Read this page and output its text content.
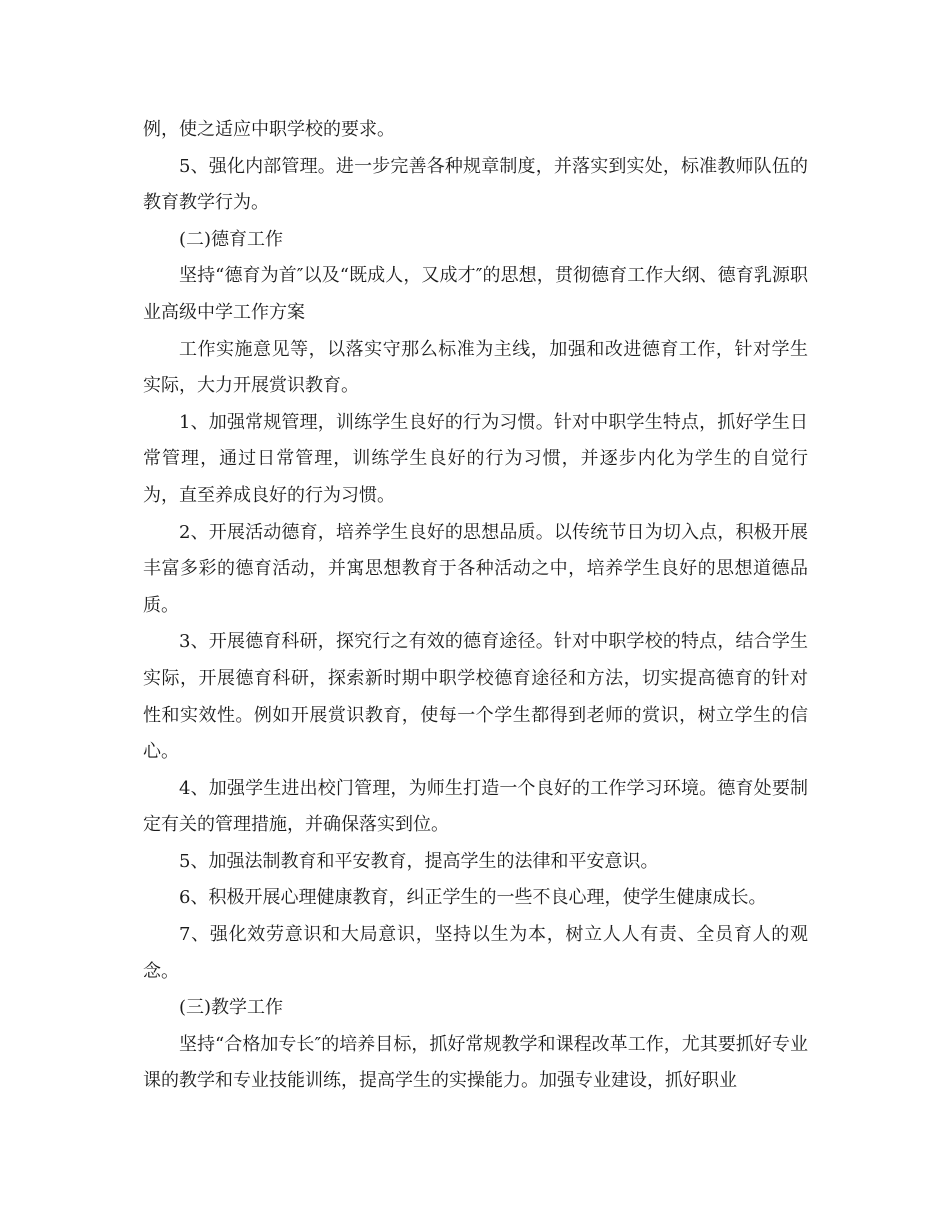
例，使之适应中职学校的要求。

5、强化内部管理。进一步完善各种规章制度，并落实到实处，标准教师队伍的教育教学行为。

(二)德育工作

坚持“德育为首″以及“既成人，又成才″的思想，贯彻德育工作大纲、德育乳源职业高级中学工作方案

工作实施意见等，以落实守那么标准为主线，加强和改进德育工作，针对学生实际，大力开展赏识教育。

1、加强常规管理，训练学生良好的行为习惯。针对中职学生特点，抓好学生日常管理，通过日常管理，训练学生良好的行为习惯，并逐步内化为学生的自觉行为，直至养成良好的行为习惯。

2、开展活动德育，培养学生良好的思想品质。以传统节日为切入点，积极开展丰富多彩的德育活动，并寓思想教育于各种活动之中，培养学生良好的思想道德品质。

3、开展德育科研，探究行之有效的德育途径。针对中职学校的特点，结合学生实际，开展德育科研，探索新时期中职学校德育途径和方法，切实提高德育的针对性和实效性。例如开展赏识教育，使每一个学生都得到老师的赏识，树立学生的信心。

4、加强学生进出校门管理，为师生打造一个良好的工作学习环境。德育处要制定有关的管理措施，并确保落实到位。

5、加强法制教育和平安教育，提高学生的法律和平安意识。

6、积极开展心理健康教育，纠正学生的一些不良心理，使学生健康成长。

7、强化效劳意识和大局意识，坚持以生为本，树立人人有责、全员育人的观念。

(三)教学工作

坚持“合格加专长″的培养目标，抓好常规教学和课程改革工作，尤其要抓好专业课的教学和专业技能训练，提高学生的实操能力。加强专业建设，抓好职业
